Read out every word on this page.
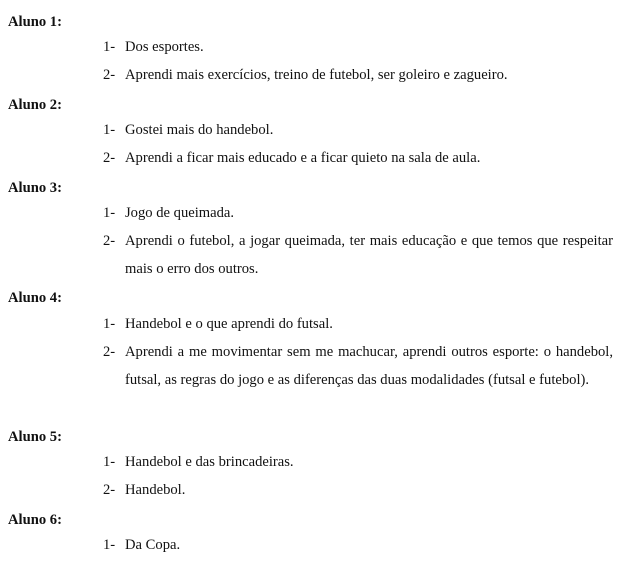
Aluno 1:
1- Dos esportes.
2- Aprendi mais exercícios, treino de futebol, ser goleiro e zagueiro.
Aluno 2:
1- Gostei mais do handebol.
2- Aprendi a ficar mais educado e a ficar quieto na sala de aula.
Aluno 3:
1- Jogo de queimada.
2- Aprendi o futebol, a jogar queimada, ter mais educação e que temos que respeitar mais o erro dos outros.
Aluno 4:
1- Handebol e o que aprendi do futsal.
2- Aprendi a me movimentar sem me machucar, aprendi outros esporte: o handebol, futsal, as regras do jogo e as diferenças das duas modalidades (futsal e futebol).
Aluno 5:
1- Handebol e das brincadeiras.
2- Handebol.
Aluno 6:
1- Da Copa.
